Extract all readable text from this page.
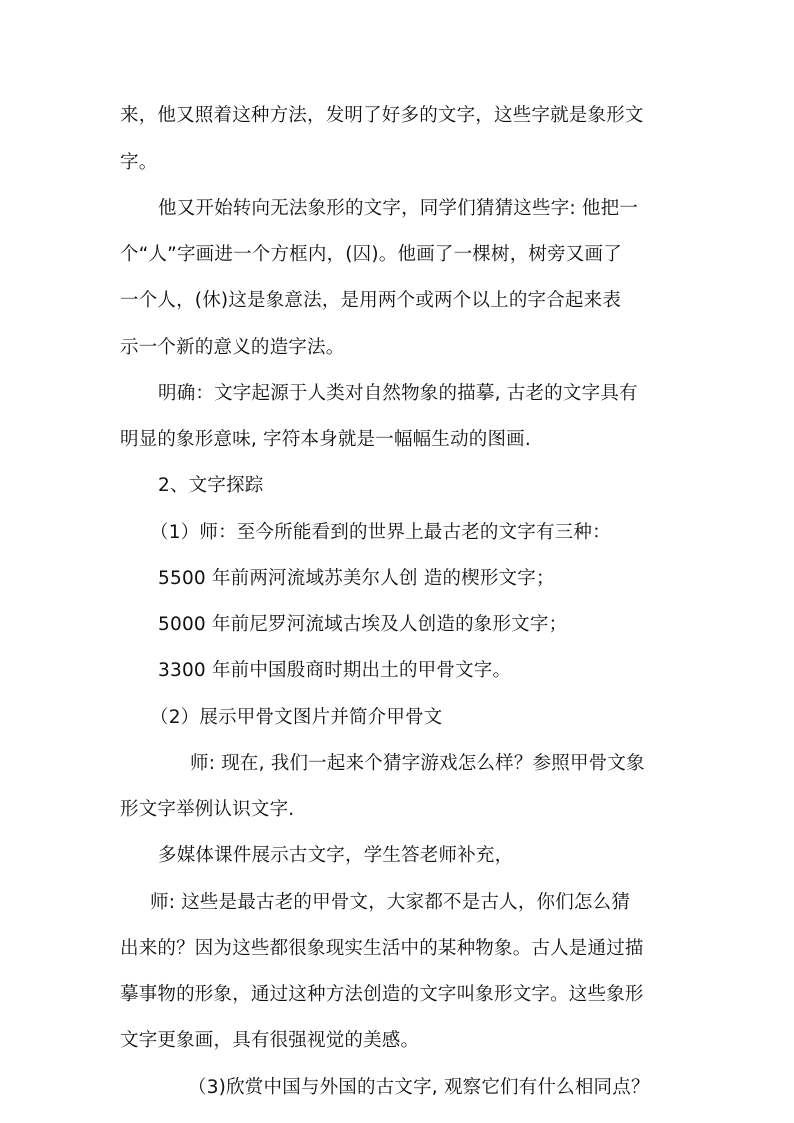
来，他又照着这种方法，发明了好多的文字，这些字就是象形文
字。
他又开始转向无法象形的文字，同学们猜猜这些字: 他把一
个“人”字画进一个方框内，(囚)。他画了一棵树，树旁又画了
一个人，(休)这是象意法，是用两个或两个以上的字合起来表
示一个新的意义的造字法。
明确：文字起源于人类对自然物象的描摹, 古老的文字具有
明显的象形意味, 字符本身就是一幅幅生动的图画.
2、文字探踪
（1）师：至今所能看到的世界上最古老的文字有三种：
5500 年前两河流域苏美尔人创 造的楔形文字；
5000 年前尼罗河流域古埃及人创造的象形文字；
3300 年前中国殷商时期出土的甲骨文字。
（2）展示甲骨文图片并简介甲骨文
师: 现在, 我们一起来个猜字游戏怎么样？参照甲骨文象
形文字举例认识文字.
多媒体课件展示古文字，学生答老师补充，
师: 这些是最古老的甲骨文，大家都不是古人，你们怎么猜
出来的？因为这些都很象现实生活中的某种物象。古人是通过描
摹事物的形象，通过这种方法创造的文字叫象形文字。这些象形
文字更象画，具有很强视觉的美感。
（3)欣赏中国与外国的古文字, 观察它们有什么相同点？
